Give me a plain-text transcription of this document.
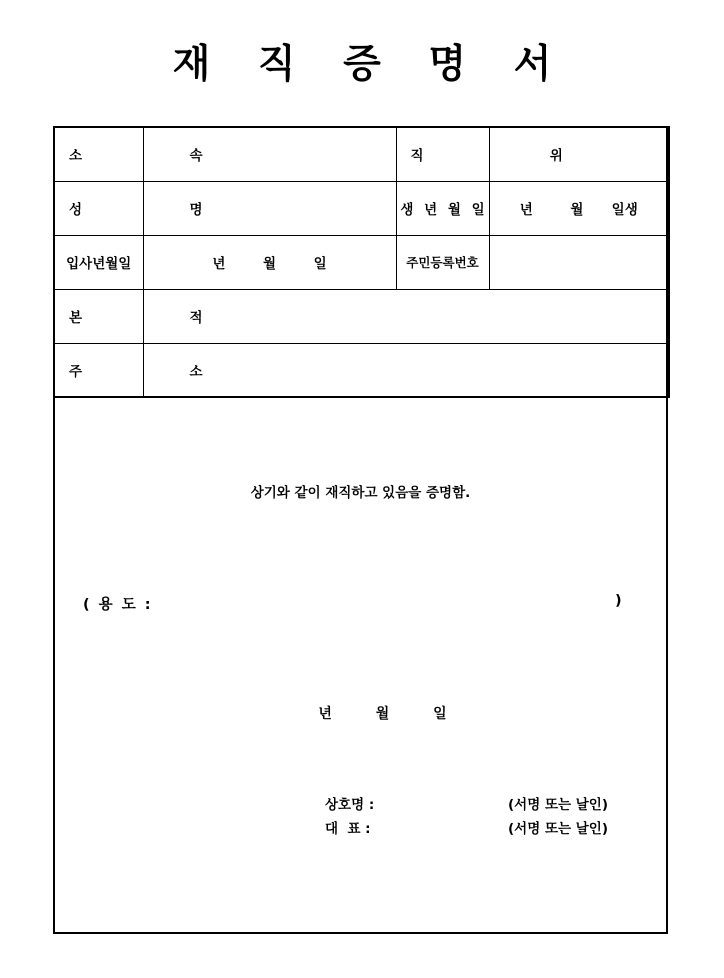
재 직 증 명 서
소     속		직      위	
성     명		생 년 월 일	년        월      일생
입사년월일	년        월        일	주민등록번호	
본     적			
주     소			
상기와 같이 재직하고 있음을 증명함.
( 용 도 :	)
년         월         일
상호명 :	(서명 또는 날인)
대  표 :	(서명 또는 날인)
